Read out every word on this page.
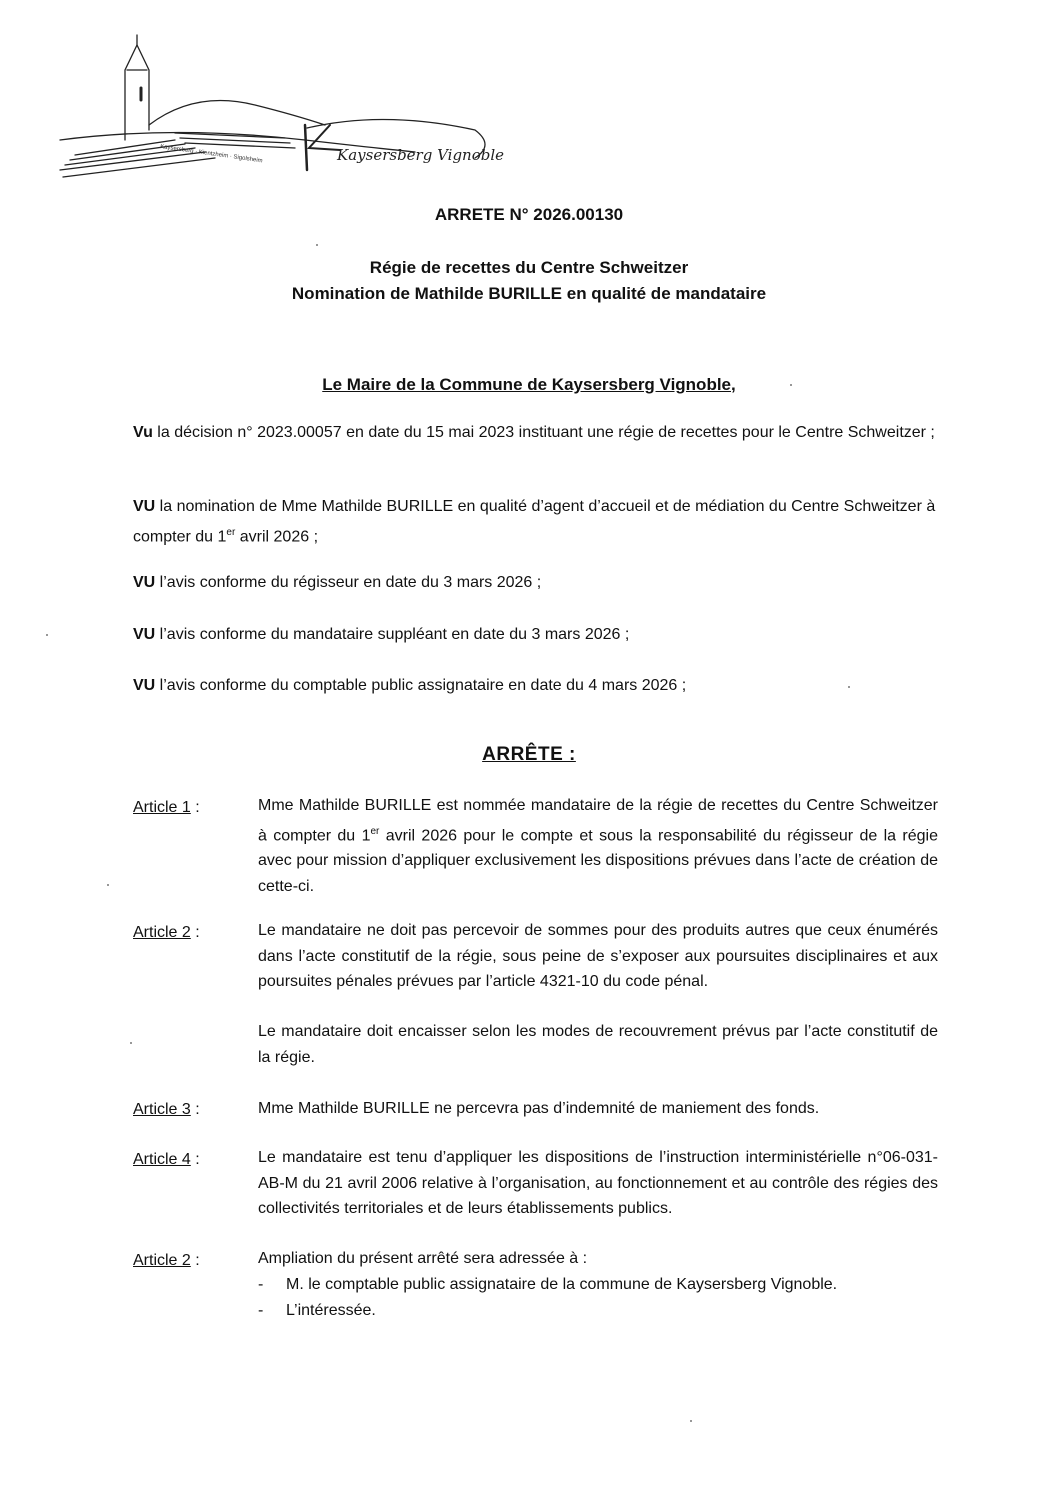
Kaysersberg Vignoble
Kaysersberg · Kientzheim · Sigolsheim
ARRETE N° 2026.00130
Régie de recettes du Centre Schweitzer
Nomination de Mathilde BURILLE en qualité de mandataire
Le Maire de la Commune de Kaysersberg Vignoble,
Vu la décision n° 2023.00057 en date du 15 mai 2023 instituant une régie de recettes pour le Centre Schweitzer ;
VU la nomination de Mme Mathilde BURILLE en qualité d’agent d’accueil et de médiation du Centre Schweitzer à compter du 1er avril 2026 ;
VU l’avis conforme du régisseur en date du 3 mars 2026 ;
VU l’avis conforme du mandataire suppléant en date du 3 mars 2026 ;
VU l’avis conforme du comptable public assignataire en date du 4 mars 2026 ;
ARRÊTE :
Article 1 :	Mme Mathilde BURILLE est nommée mandataire de la régie de recettes du Centre Schweitzer à compter du 1er avril 2026 pour le compte et sous la responsabilité du régisseur de la régie avec pour mission d’appliquer exclusivement les dispositions prévues dans l’acte de création de cette-ci.
Article 2 :	Le mandataire ne doit pas percevoir de sommes pour des produits autres que ceux énumérés dans l’acte constitutif de la régie, sous peine de s’exposer aux poursuites disciplinaires et aux poursuites pénales prévues par l’article 4321-10 du code pénal.
Le mandataire doit encaisser selon les modes de recouvrement prévus par l’acte constitutif de la régie.
Article 3 :	Mme Mathilde BURILLE ne percevra pas d’indemnité de maniement des fonds.
Article 4 :	Le mandataire est tenu d’appliquer les dispositions de l’instruction interministérielle n°06-031-AB-M du 21 avril 2006 relative à l’organisation, au fonctionnement et au contrôle des régies des collectivités territoriales et de leurs établissements publics.
Article 2 :	Ampliation du présent arrêté sera adressée à :
- M. le comptable public assignataire de la commune de Kaysersberg Vignoble.
- L’intéressée.
